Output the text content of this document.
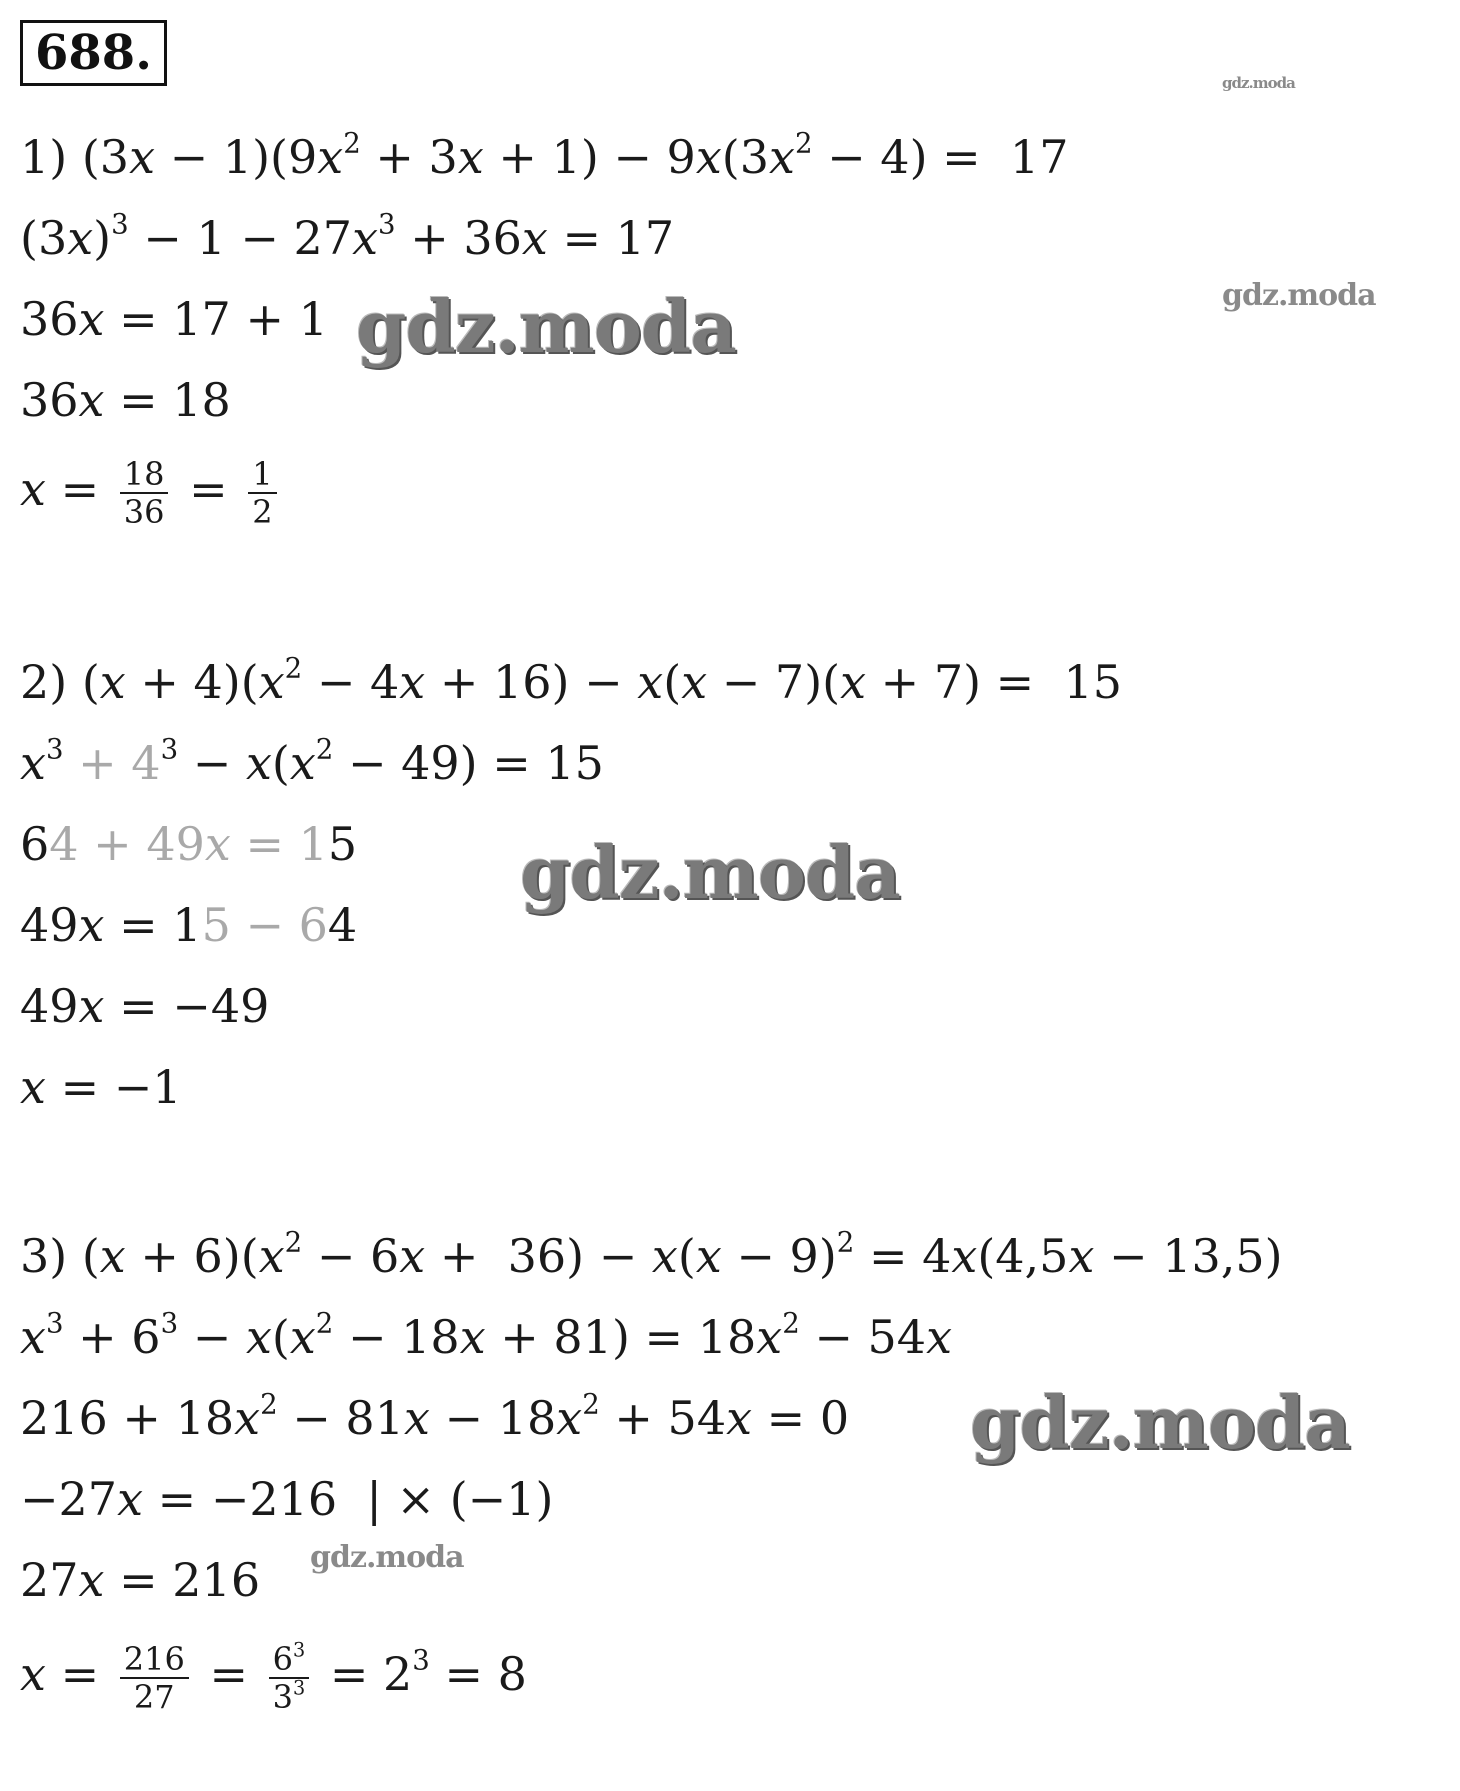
688.
1) $(3x - 1)(9x^2 + 3x + 1) - 9x(3x^2 - 4) = 17$
$(3x)^3 - 1 - 27x^3 + 36x = 17$
36x = 17 + 1
36x = 18
$x = \frac{18}{36} = \frac{1}{2}$
2) $(x + 4)(x^2 - 4x + 16) - x(x - 7)(x + 7) = 15$
$x^3 + 4^3 - x(x^2 - 49) = 15$
64 + 49x = 15
49x = 15 − 64
49x = −49
x = −1
3) $(x + 6)(x^2 - 6x + 36) - x(x - 9)^2 = 4x(4,5x - 13,5)$
$x^3 + 6^3 - x(x^2 - 18x + 81) = 18x^2 - 54x$
$216 + 18x^2 - 81x - 18x^2 + 54x = 0$
−27x = −216  | × (−1)
27x = 216
$x = \frac{216}{27} = \frac{6^3}{3^3} = 2^3 = 8$
gdz.moda
gdz.moda
gdz.moda
gdz.moda
gdz.moda
gdz.moda
